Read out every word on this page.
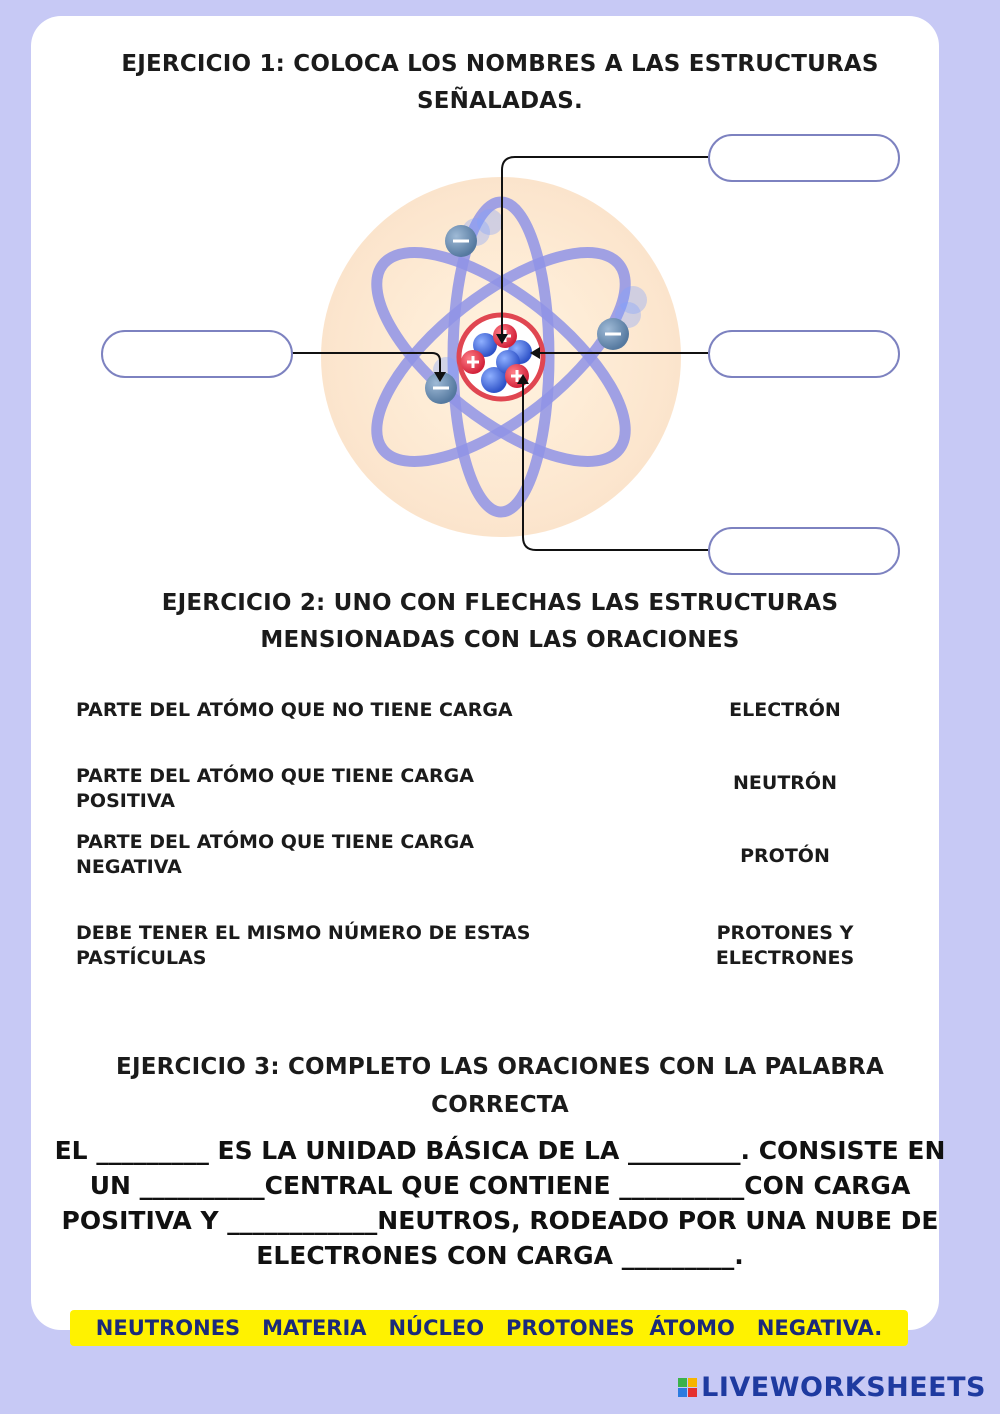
EJERCICIO 1: COLOCA LOS NOMBRES A LAS ESTRUCTURAS
SEÑALADAS.
EJERCICIO 2: UNO CON FLECHAS LAS ESTRUCTURAS
MENSIONADAS CON LAS ORACIONES
PARTE DEL ATÓMO QUE NO TIENE CARGA
PARTE DEL ATÓMO QUE TIENE CARGA
POSITIVA
PARTE DEL ATÓMO QUE TIENE CARGA
NEGATIVA
DEBE TENER EL MISMO NÚMERO DE ESTAS
PASTÍCULAS
ELECTRÓN
NEUTRÓN
PROTÓN
PROTONES Y
ELECTRONES
EJERCICIO 3: COMPLETO LAS ORACIONES CON LA PALABRA
CORRECTA
EL _________ ES LA UNIDAD BÁSICA DE LA _________. CONSISTE EN
UN __________CENTRAL QUE CONTIENE __________CON CARGA
POSITIVA Y ____________NEUTROS, RODEADO POR UNA NUBE DE
ELECTRONES CON CARGA _________.
NEUTRONES
MATERIA
NÚCLEO
PROTONES
ÁTOMO
NEGATIVA.
LIVEWORKSHEETS
